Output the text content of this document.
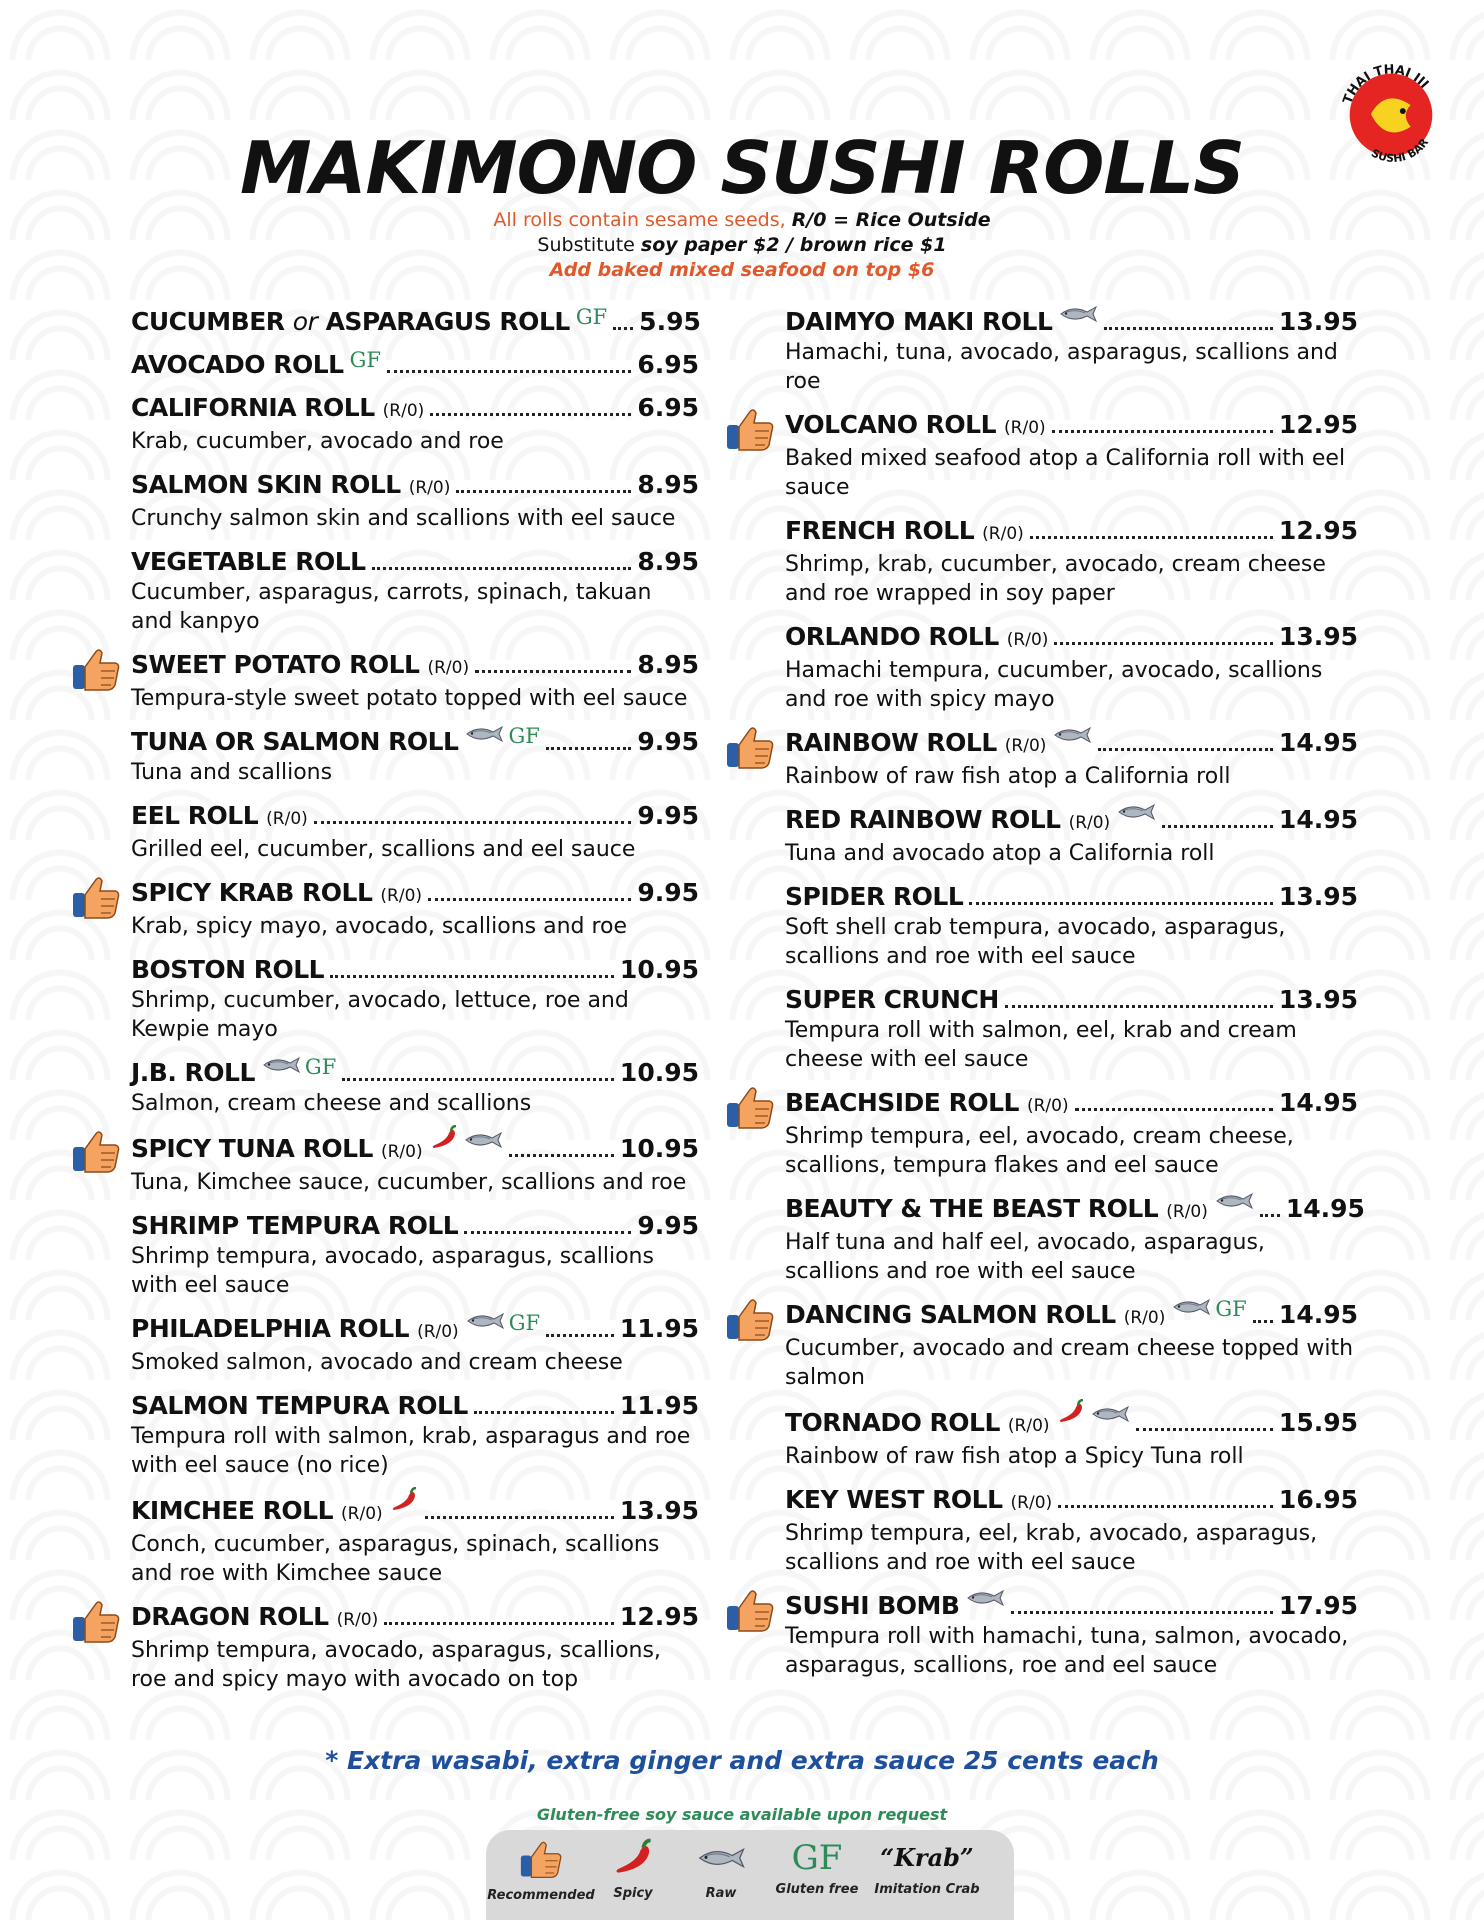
THAI THAI III
SUSHI BAR
MAKIMONO SUSHI ROLLS
All rolls contain sesame seeds, R/0 = Rice Outside
Substitute soy paper $2 / brown rice $1
Add baked mixed seafood on top $6
CUCUMBER or ASPARAGUS ROLL GF 5.95
AVOCADO ROLL GF	6.95
CALIFORNIA ROLL (R/0)	6.95
Krab, cucumber, avocado and roe
SALMON SKIN ROLL (R/0)	8.95
Crunchy salmon skin and scallions with eel sauce
VEGETABLE ROLL	8.95
Cucumber, asparagus, carrots, spinach, takuan and kanpyo
SWEET POTATO ROLL (R/0)	8.95
Tempura-style sweet potato topped with eel sauce
TUNA OR SALMON ROLL GF	9.95
Tuna and scallions
EEL ROLL (R/0)	9.95
Grilled eel, cucumber, scallions and eel sauce
SPICY KRAB ROLL (R/0)	9.95
Krab, spicy mayo, avocado, scallions and roe
BOSTON ROLL	10.95
Shrimp, cucumber, avocado, lettuce, roe and Kewpie mayo
J.B. ROLL GF	10.95
Salmon, cream cheese and scallions
SPICY TUNA ROLL (R/0)	10.95
Tuna, Kimchee sauce, cucumber, scallions and roe
SHRIMP TEMPURA ROLL	9.95
Shrimp tempura, avocado, asparagus, scallions with eel sauce
PHILADELPHIA ROLL (R/0) GF	11.95
Smoked salmon, avocado and cream cheese
SALMON TEMPURA ROLL	11.95
Tempura roll with salmon, krab, asparagus and roe with eel sauce (no rice)
KIMCHEE ROLL (R/0)	13.95
Conch, cucumber, asparagus, spinach, scallions and roe with Kimchee sauce
DRAGON ROLL (R/0)	12.95
Shrimp tempura, avocado, asparagus, scallions, roe and spicy mayo with avocado on top
DAIMYO MAKI ROLL	13.95
Hamachi, tuna, avocado, asparagus, scallions and roe
VOLCANO ROLL (R/0)	12.95
Baked mixed seafood atop a California roll with eel sauce
FRENCH ROLL (R/0)	12.95
Shrimp, krab, cucumber, avocado, cream cheese and roe wrapped in soy paper
ORLANDO ROLL (R/0)	13.95
Hamachi tempura, cucumber, avocado, scallions and roe with spicy mayo
RAINBOW ROLL (R/0)	14.95
Rainbow of raw fish atop a California roll
RED RAINBOW ROLL (R/0)	14.95
Tuna and avocado atop a California roll
SPIDER ROLL	13.95
Soft shell crab tempura, avocado, asparagus, scallions and roe with eel sauce
SUPER CRUNCH	13.95
Tempura roll with salmon, eel, krab and cream cheese with eel sauce
BEACHSIDE ROLL (R/0)	14.95
Shrimp tempura, eel, avocado, cream cheese, scallions, tempura flakes and eel sauce
BEAUTY & THE BEAST ROLL (R/0)	14.95
Half tuna and half eel, avocado, asparagus, scallions and roe with eel sauce
DANCING SALMON ROLL (R/0) GF 14.95
Cucumber, avocado and cream cheese topped with salmon
TORNADO ROLL (R/0)	15.95
Rainbow of raw fish atop a Spicy Tuna roll
KEY WEST ROLL (R/0)	16.95
Shrimp tempura, eel, krab, avocado, asparagus, scallions and roe with eel sauce
SUSHI BOMB	17.95
Tempura roll with hamachi, tuna, salmon, avocado, asparagus, scallions, roe and eel sauce
* Extra wasabi, extra ginger and extra sauce 25 cents each
Gluten-free soy sauce available upon request
Recommended	Spicy	Raw
GF
Gluten free
“Krab”
Imitation Crab
